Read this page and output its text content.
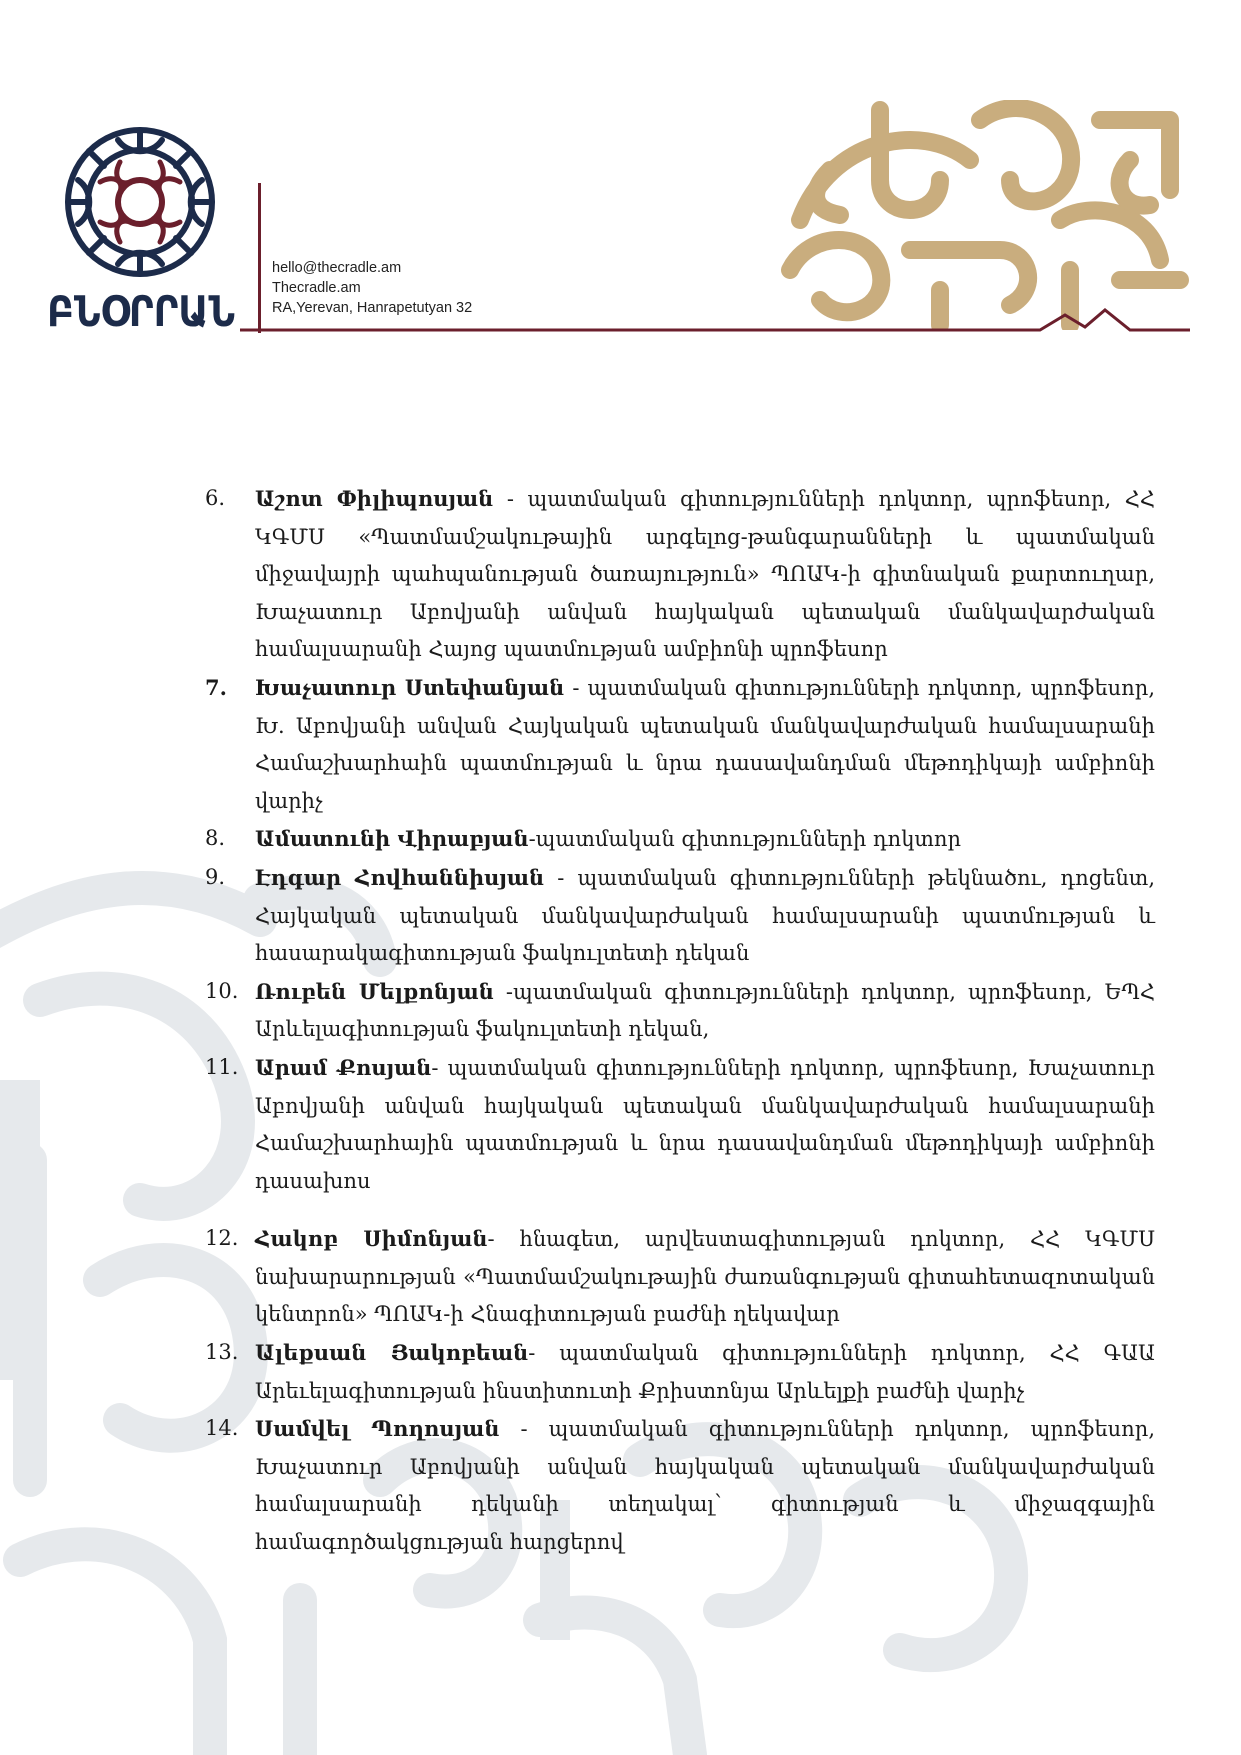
ԲՆՕՐՐԱՆ
hello@thecradle.am
Thecradle.am
RA,Yerevan, Hanrapetutyan 32
6. Աշոտ Փիլիպոսյան - պատմական գիտությունների դոկտոր, պրոֆեսոր, ՀՀ ԿԳՄՍ «Պատմամշակութային արգելոց-թանգարանների և պատմական միջավայրի պահպանության ծառայություն» ՊՈԱԿ-ի գիտնական քարտուղար, Խաչատուր Աբովյանի անվան հայկական պետական մանկավարժական համալսարանի Հայոց պատմության ամբիոնի պրոֆեսոր
7. Խաչատուր Ստեփանյան - պատմական գիտությունների դոկտոր, պրոֆեսոր, Խ. Աբովյանի անվան Հայկական պետական մանկավարժական համալսարանի Համաշխարհաին պատմության և նրա դասավանդման մեթոդիկայի ամբիոնի վարիչ
8. Ամատունի Վիրաբյան-պատմական գիտությունների դոկտոր
9. Էդգար Հովհաննիսյան - պատմական գիտությունների թեկնածու, դոցենտ, Հայկական պետական մանկավարժական համալսարանի պատմության և հասարակագիտության ֆակուլտետի դեկան
10. Ռուբեն Մելքոնյան -պատմական գիտությունների դոկտոր, պրոֆեսոր, ԵՊՀ Արևելագիտության ֆակուլտետի դեկան,
11. Արամ Քոսյան- պատմական գիտությունների դոկտոր, պրոֆեսոր, Խաչատուր Աբովյանի անվան հայկական պետական մանկավարժական համալսարանի Համաշխարհային պատմության և նրա դասավանդման մեթոդիկայի ամբիոնի դասախոս
12. Հակոբ Սիմոնյան- հնագետ, արվեստագիտության դոկտոր, ՀՀ ԿԳՄՍ նախարարության «Պատմամշակութային ժառանգության գիտահետազոտական կենտրոն» ՊՈԱԿ-ի Հնագիտության բաժնի ղեկավար
13. Ալեքսան Յակոբեան- պատմական գիտությունների դոկտոր, ՀՀ ԳԱԱ Արեւելագիտության ինստիտուտի Քրիստոնյա Արևելքի բաժնի վարիչ
14. Սամվել Պողոսյան - պատմական գիտությունների դոկտոր, պրոֆեսոր, Խաչատուր Աբովյանի անվան հայկական պետական մանկավարժական համալսարանի դեկանի տեղակալ՝ գիտության և միջազգային համագործակցության հարցերով
